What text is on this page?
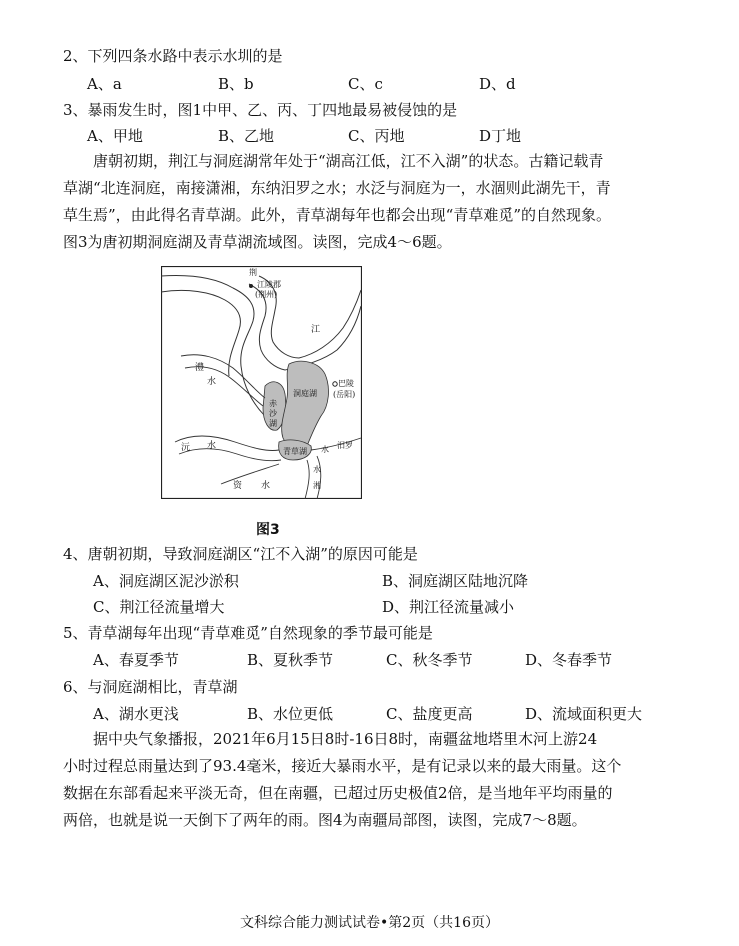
2、下列四条水路中表示水圳的是
A、a	B、b	C、c	D、d
3、暴雨发生时，图1中甲、乙、丙、丁四地最易被侵蚀的是
A、甲地	B、乙地	C、丙地	D丁地
唐朝初期，荆江与洞庭湖常年处于“湖高江低，江不入湖”的状态。古籍记载青
草湖“北连洞庭，南接潇湘，东纳汨罗之水；水泛与洞庭为一，水涸则此湖先干，青
草生焉”，由此得名青草湖。此外，青草湖每年也都会出现“青草难觅”的自然现象。
图3为唐初期洞庭湖及青草湖流域图。读图，完成4～6题。
荆
江陵郡
(荆州)
江
澧
水
赤
沙
湖
洞庭湖
巴陵
(岳阳)
沅 水
青草湖
汨罗
水
水
湘
资 水
图3
4、唐朝初期，导致洞庭湖区“江不入湖”的原因可能是
A、洞庭湖区泥沙淤积	B、洞庭湖区陆地沉降
C、荆江径流量增大	D、荆江径流量减小
5、青草湖每年出现“青草难觅”自然现象的季节最可能是
A、春夏季节	B、夏秋季节	C、秋冬季节	D、冬春季节
6、与洞庭湖相比，青草湖
A、湖水更浅	B、水位更低	C、盐度更高	D、流域面积更大
据中央气象播报，2021年6月15日8时-16日8时，南疆盆地塔里木河上游24
小时过程总雨量达到了93.4毫米，接近大暴雨水平，是有记录以来的最大雨量。这个
数据在东部看起来平淡无奇，但在南疆，已超过历史极值2倍，是当地年平均雨量的
两倍，也就是说一天倒下了两年的雨。图4为南疆局部图，读图，完成7～8题。
文科综合能力测试试卷•第2页（共16页）
